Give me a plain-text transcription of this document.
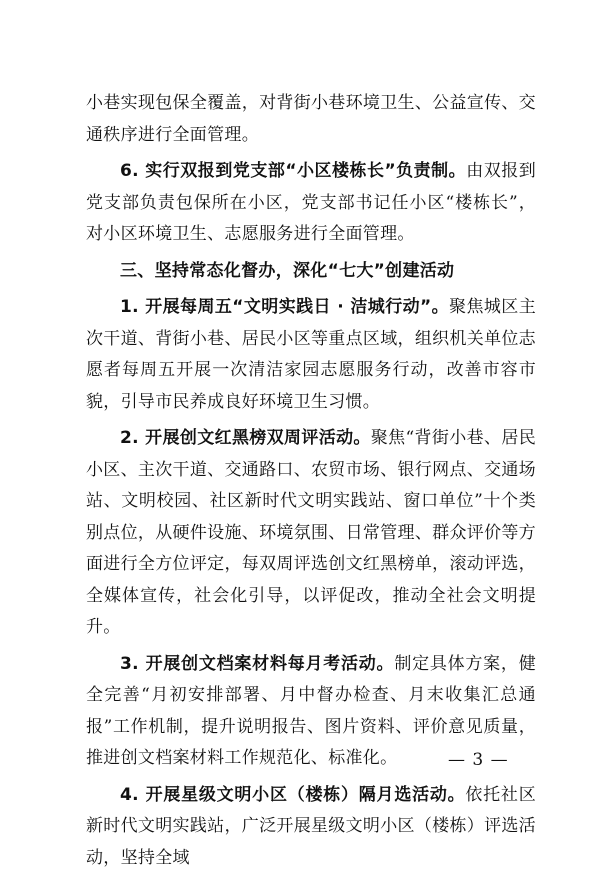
小巷实现包保全覆盖，对背街小巷环境卫生、公益宣传、交通秩序进行全面管理。

6. 实行双报到党支部“小区楼栋长”负责制。由双报到党支部负责包保所在小区，党支部书记任小区“楼栋长”，对小区环境卫生、志愿服务进行全面管理。

三、坚持常态化督办，深化“七大”创建活动

1. 开展每周五“文明实践日 · 洁城行动”。聚焦城区主次干道、背街小巷、居民小区等重点区域，组织机关单位志愿者每周五开展一次清洁家园志愿服务行动，改善市容市貌，引导市民养成良好环境卫生习惯。

2. 开展创文红黑榜双周评活动。聚焦“背街小巷、居民小区、主次干道、交通路口、农贸市场、银行网点、交通场站、文明校园、社区新时代文明实践站、窗口单位”十个类别点位，从硬件设施、环境氛围、日常管理、群众评价等方面进行全方位评定，每双周评选创文红黑榜单，滚动评选，全媒体宣传，社会化引导，以评促改，推动全社会文明提升。

3. 开展创文档案材料每月考活动。制定具体方案，健全完善“月初安排部署、月中督办检查、月末收集汇总通报”工作机制，提升说明报告、图片资料、评价意见质量，推进创文档案材料工作规范化、标准化。

4. 开展星级文明小区（楼栋）隔月选活动。依托社区新时代文明实践站，广泛开展星级文明小区（楼栋）评选活动，坚持全域

— 3 —
